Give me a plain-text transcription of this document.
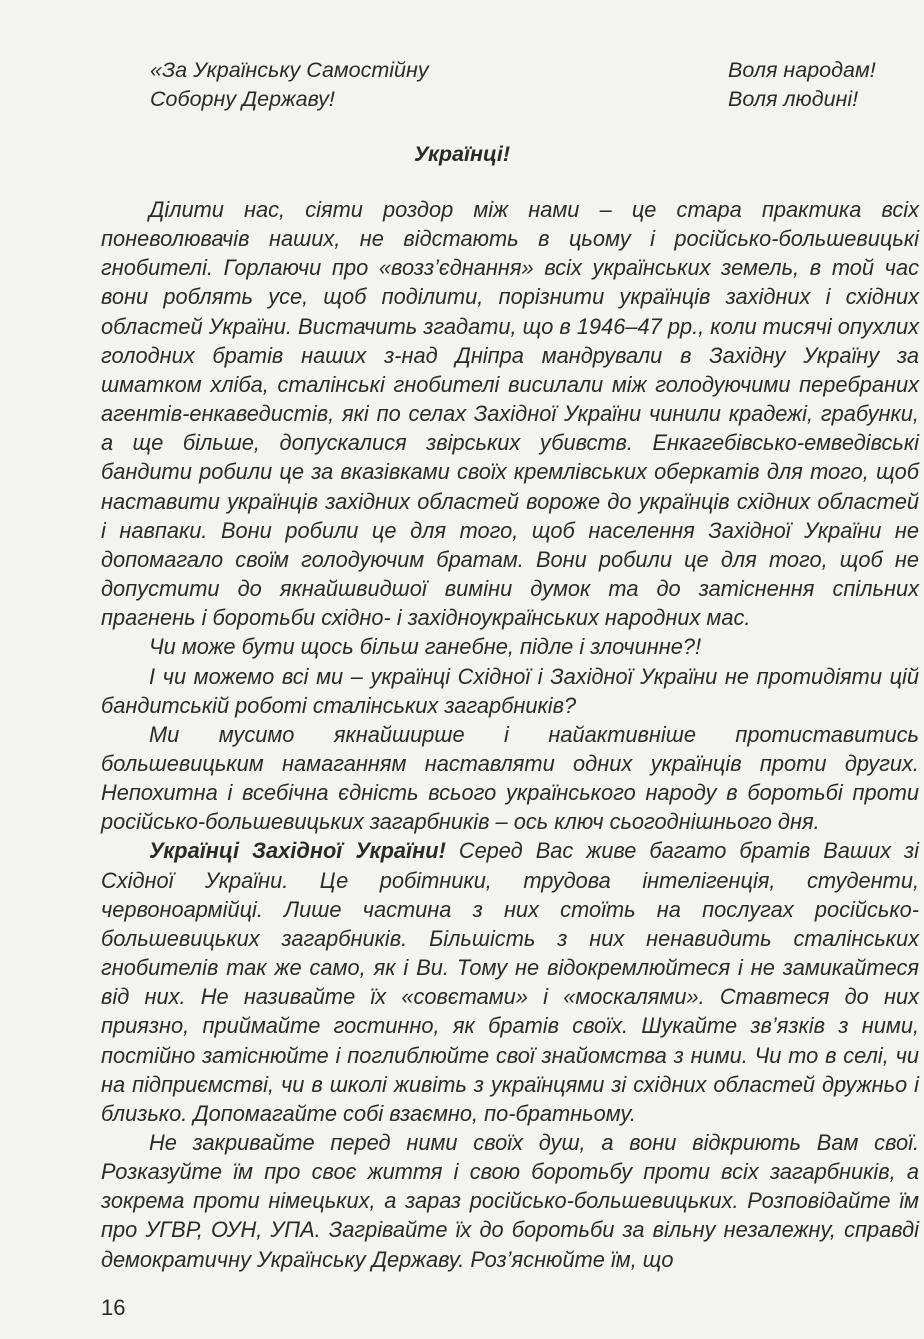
«За Українську Самостійну
Соборну Державу!
Воля народам!
Воля людині!
Українці!

Ділити нас, сіяти роздор між нами – це стара практика всіх поневолювачів наших, не відстають в цьому і російсько-большевицькі гнобителі. Горлаючи про «возз’єднання» всіх українських земель, в той час вони роблять усе, щоб поділити, порізнити українців західних і східних областей України. Вистачить згадати, що в 1946–47 рр., коли тисячі опухлих голодних братів наших з-над Дніпра мандрували в Західну Україну за шматком хліба, сталінські гнобителі висилали між голодуючими перебраних агентів-енкаведистів, які по селах Західної України чинили крадежі, грабунки, а ще більше, допускалися звірських убивств. Енкагебівсько-емведівські бандити робили це за вказівками своїх кремлівських оберкатів для того, щоб наставити українців західних областей вороже до українців східних областей і навпаки. Вони робили це для того, щоб населення Західної України не допомагало своїм голодуючим братам. Вони робили це для того, щоб не допустити до якнайшвидшої виміни думок та до затіснення спільних прагнень і боротьби східно- і західноукраїнських народних мас.

Чи може бути щось більш ганебне, підле і злочинне?!

І чи можемо всі ми – українці Східної і Західної України не протидіяти цій бандитській роботі сталінських загарбників?

Ми мусимо якнайширше і найактивніше протиставитись большевицьким намаганням наставляти одних українців проти других. Непохитна і всебічна єдність всього українського народу в боротьбі проти російсько-большевицьких загарбників – ось ключ сьогоднішнього дня.

Українці Західної України! Серед Вас живе багато братів Ваших зі Східної України. Це робітники, трудова інтелігенція, студенти, червоноармійці. Лише частина з них стоїть на послугах російсько-большевицьких загарбників. Більшість з них ненавидить сталінських гнобителів так же само, як і Ви. Тому не відокремлюйтеся і не замикайтеся від них. Не називайте їх «совєтами» і «москалями». Ставтеся до них приязно, приймайте гостинно, як братів своїх. Шукайте зв’язків з ними, постійно затіснюйте і поглиблюйте свої знайомства з ними. Чи то в селі, чи на підприємстві, чи в школі живіть з українцями зі східних областей дружньо і близько. Допомагайте собі взаємно, по-братньому.

Не закривайте перед ними своїх душ, а вони відкриють Вам свої. Розказуйте їм про своє життя і свою боротьбу проти всіх загарбників, а зокрема проти німецьких, а зараз російсько-большевицьких. Розповідайте їм про УГВР, ОУН, УПА. Загрівайте їх до боротьби за вільну незалежну, справді демократичну Українську Державу. Роз’яснюйте їм, що

16
